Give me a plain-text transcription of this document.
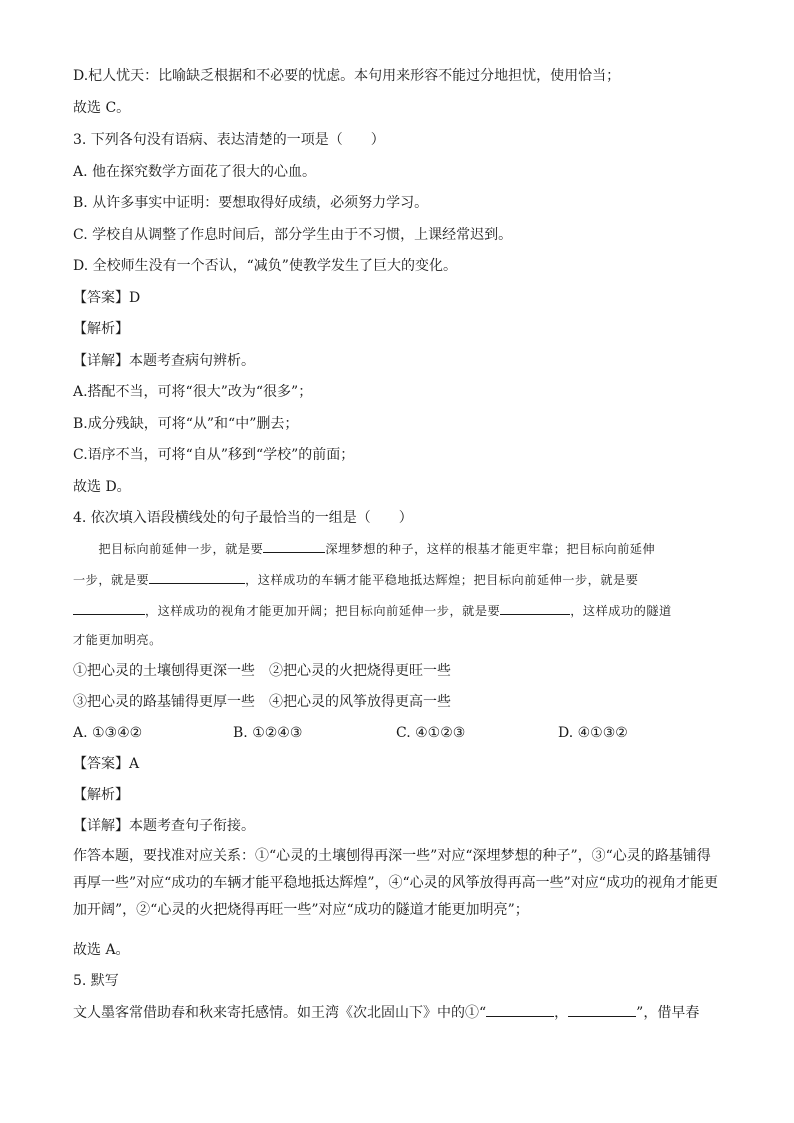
D.杞人忧天：比喻缺乏根据和不必要的忧虑。本句用来形容不能过分地担忧，使用恰当；
故选 C。
3. 下列各句没有语病、表达清楚的一项是（　　）
A. 他在探究数学方面花了很大的心血。
B. 从许多事实中证明：要想取得好成绩，必须努力学习。
C. 学校自从调整了作息时间后，部分学生由于不习惯，上课经常迟到。
D. 全校师生没有一个否认，“减负”使教学发生了巨大的变化。
【答案】D
【解析】
【详解】本题考查病句辨析。
A.搭配不当，可将“很大”改为“很多”；
B.成分残缺，可将“从”和“中”删去；
C.语序不当，可将“自从”移到“学校”的前面；
故选 D。
4. 依次填入语段横线处的句子最恰当的一组是（　　）
　　把目标向前延伸一步，就是要	深埋梦想的种子，这样的根基才能更牢靠；把目标向前延伸
一步，就是要	，这样成功的车辆才能平稳地抵达辉煌；把目标向前延伸一步，就是要
，这样成功的视角才能更加开阔；把目标向前延伸一步，就是要	，这样成功的隧道
才能更加明亮。
①把心灵的土壤刨得更深一些　②把心灵的火把烧得更旺一些
③把心灵的路基铺得更厚一些　④把心灵的风筝放得更高一些
A. ①③④②	B. ①②④③	C. ④①②③	D. ④①③②
【答案】A
【解析】
【详解】本题考查句子衔接。
作答本题，要找准对应关系：①“心灵的土壤刨得再深一些”对应“深埋梦想的种子”，③“心灵的路基铺得再厚一些”对应“成功的车辆才能平稳地抵达辉煌”，④“心灵的风筝放得再高一些”对应“成功的视角才能更加开阔”，②“心灵的火把烧得再旺一些”对应“成功的隧道才能更加明亮”；
故选 A。
5. 默写
文人墨客常借助春和秋来寄托感情。如王湾《次北固山下》中的①“	，	”，借早春
